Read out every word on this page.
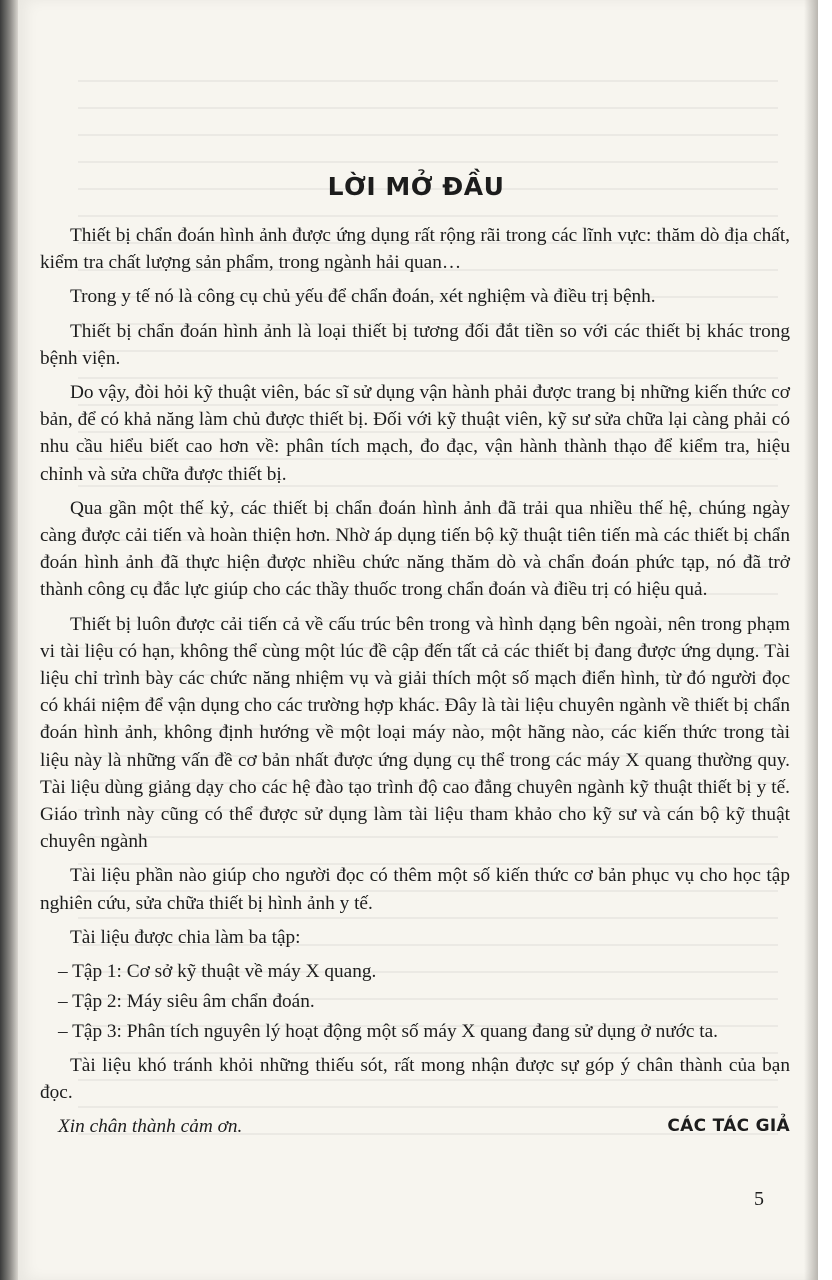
LỜI MỞ ĐẦU

Thiết bị chẩn đoán hình ảnh được ứng dụng rất rộng rãi trong các lĩnh vực: thăm dò địa chất, kiểm tra chất lượng sản phẩm, trong ngành hải quan…

Trong y tế nó là công cụ chủ yếu để chẩn đoán, xét nghiệm và điều trị bệnh.

Thiết bị chẩn đoán hình ảnh là loại thiết bị tương đối đắt tiền so với các thiết bị khác trong bệnh viện.

Do vậy, đòi hỏi kỹ thuật viên, bác sĩ sử dụng vận hành phải được trang bị những kiến thức cơ bản, để có khả năng làm chủ được thiết bị. Đối với kỹ thuật viên, kỹ sư sửa chữa lại càng phải có nhu cầu hiểu biết cao hơn về: phân tích mạch, đo đạc, vận hành thành thạo để kiểm tra, hiệu chỉnh và sửa chữa được thiết bị.

Qua gần một thế kỷ, các thiết bị chẩn đoán hình ảnh đã trải qua nhiều thế hệ, chúng ngày càng được cải tiến và hoàn thiện hơn. Nhờ áp dụng tiến bộ kỹ thuật tiên tiến mà các thiết bị chẩn đoán hình ảnh đã thực hiện được nhiều chức năng thăm dò và chẩn đoán phức tạp, nó đã trở thành công cụ đắc lực giúp cho các thầy thuốc trong chẩn đoán và điều trị có hiệu quả.

Thiết bị luôn được cải tiến cả về cấu trúc bên trong và hình dạng bên ngoài, nên trong phạm vi tài liệu có hạn, không thể cùng một lúc đề cập đến tất cả các thiết bị đang được ứng dụng. Tài liệu chỉ trình bày các chức năng nhiệm vụ và giải thích một số mạch điển hình, từ đó người đọc có khái niệm để vận dụng cho các trường hợp khác. Đây là tài liệu chuyên ngành về thiết bị chẩn đoán hình ảnh, không định hướng về một loại máy nào, một hãng nào, các kiến thức trong tài liệu này là những vấn đề cơ bản nhất được ứng dụng cụ thể trong các máy X quang thường quy. Tài liệu dùng giảng dạy cho các hệ đào tạo trình độ cao đẳng chuyên ngành kỹ thuật thiết bị y tế. Giáo trình này cũng có thể được sử dụng làm tài liệu tham khảo cho kỹ sư và cán bộ kỹ thuật chuyên ngành

Tài liệu phần nào giúp cho người đọc có thêm một số kiến thức cơ bản phục vụ cho học tập nghiên cứu, sửa chữa thiết bị hình ảnh y tế.

Tài liệu được chia làm ba tập:

– Tập 1: Cơ sở kỹ thuật về máy X quang.
– Tập 2: Máy siêu âm chẩn đoán.
– Tập 3: Phân tích nguyên lý hoạt động một số máy X quang đang sử dụng ở nước ta.

Tài liệu khó tránh khỏi những thiếu sót, rất mong nhận được sự góp ý chân thành của bạn đọc.

Xin chân thành cảm ơn.	CÁC TÁC GIẢ
5
